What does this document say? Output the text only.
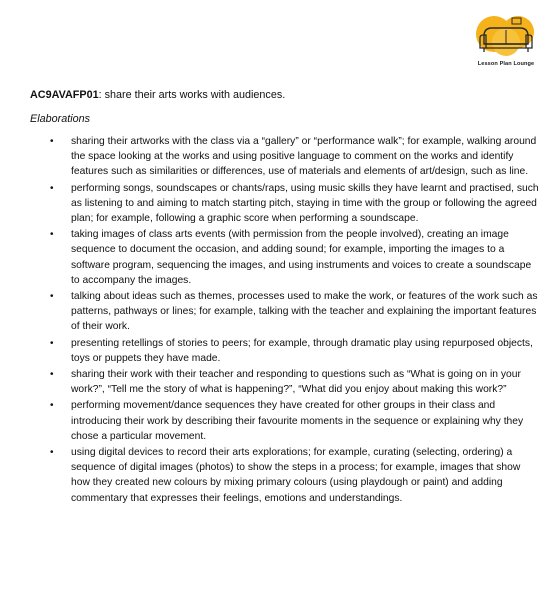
Lesson Plan Lounge
AC9AVAFP01: share their arts works with audiences.
Elaborations
• sharing their artworks with the class via a “gallery” or “performance walk”; for example, walking around the space looking at the works and using positive language to comment on the works and identify features such as similarities or differences, use of materials and elements of art/design, such as line.
• performing songs, soundscapes or chants/raps, using music skills they have learnt and practised, such as listening to and aiming to match starting pitch, staying in time with the group or following the agreed plan; for example, following a graphic score when performing a soundscape.
• taking images of class arts events (with permission from the people involved), creating an image sequence to document the occasion, and adding sound; for example, importing the images to a software program, sequencing the images, and using instruments and voices to create a soundscape to accompany the images.
• talking about ideas such as themes, processes used to make the work, or features of the work such as patterns, pathways or lines; for example, talking with the teacher and explaining the important features of their work.
• presenting retellings of stories to peers; for example, through dramatic play using repurposed objects, toys or puppets they have made.
• sharing their work with their teacher and responding to questions such as “What is going on in your work?”, “Tell me the story of what is happening?”, “What did you enjoy about making this work?”
• performing movement/dance sequences they have created for other groups in their class and introducing their work by describing their favourite moments in the sequence or explaining why they chose a particular movement.
• using digital devices to record their arts explorations; for example, curating (selecting, ordering) a sequence of digital images (photos) to show the steps in a process; for example, images that show how they created new colours by mixing primary colours (using playdough or paint) and adding commentary that expresses their feelings, emotions and understandings.
